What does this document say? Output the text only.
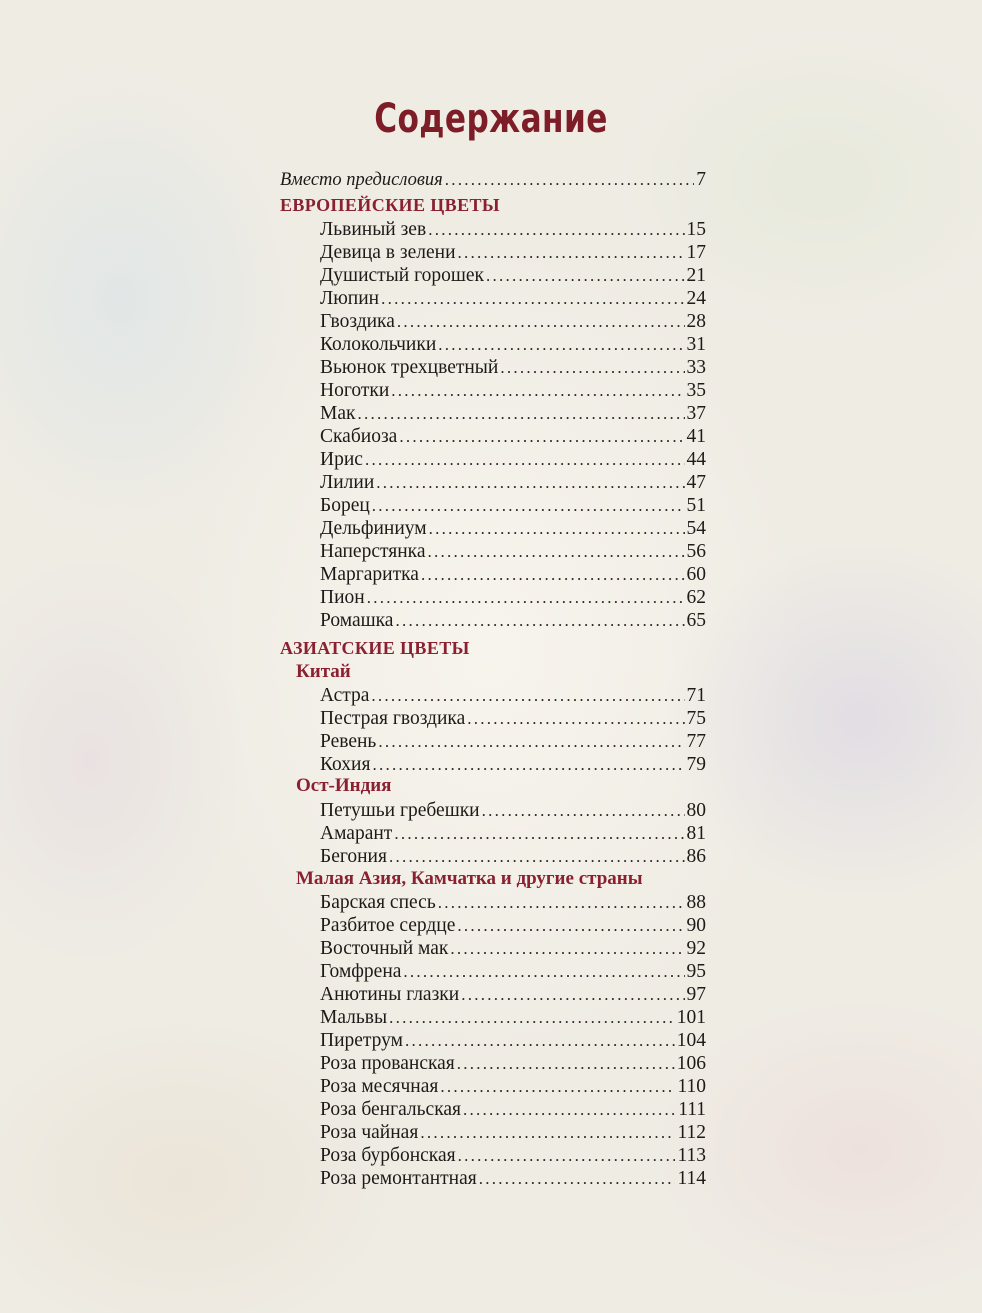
Содержание
Вместо предисловия . . .	7
ЕВРОПЕЙСКИЕ ЦВЕТЫ
Львиный зев . . .	15
Девица в зелени . . .	17
Душистый горошек . . .	21
Люпин . . .	24
Гвоздика . . .	28
Колокольчики . . .	31
Вьюнок трехцветный . . .	33
Ноготки . . .	35
Мак . . .	37
Скабиоза . . .	41
Ирис . . .	44
Лилии . . .	47
Борец . . .	51
Дельфиниум . . .	54
Наперстянка . . .	56
Маргаритка . . .	60
Пион . . .	62
Ромашка . . .	65
АЗИАТСКИЕ ЦВЕТЫ
Китай
Астра . . .	71
Пестрая гвоздика . . .	75
Ревень . . .	77
Кохия . . .	79
Ост-Индия
Петушьи гребешки . . .	80
Амарант . . .	81
Бегония . . .	86
Малая Азия, Камчатка и другие страны
Барская спесь . . .	88
Разбитое сердце . . .	90
Восточный мак . . .	92
Гомфрена . . .	95
Анютины глазки . . .	97
Мальвы . . .	101
Пиретрум . . .	104
Роза прованская . . .	106
Роза месячная . . .	110
Роза бенгальская . . .	111
Роза чайная . . .	112
Роза бурбонская . . .	113
Роза ремонтантная . . .	114
